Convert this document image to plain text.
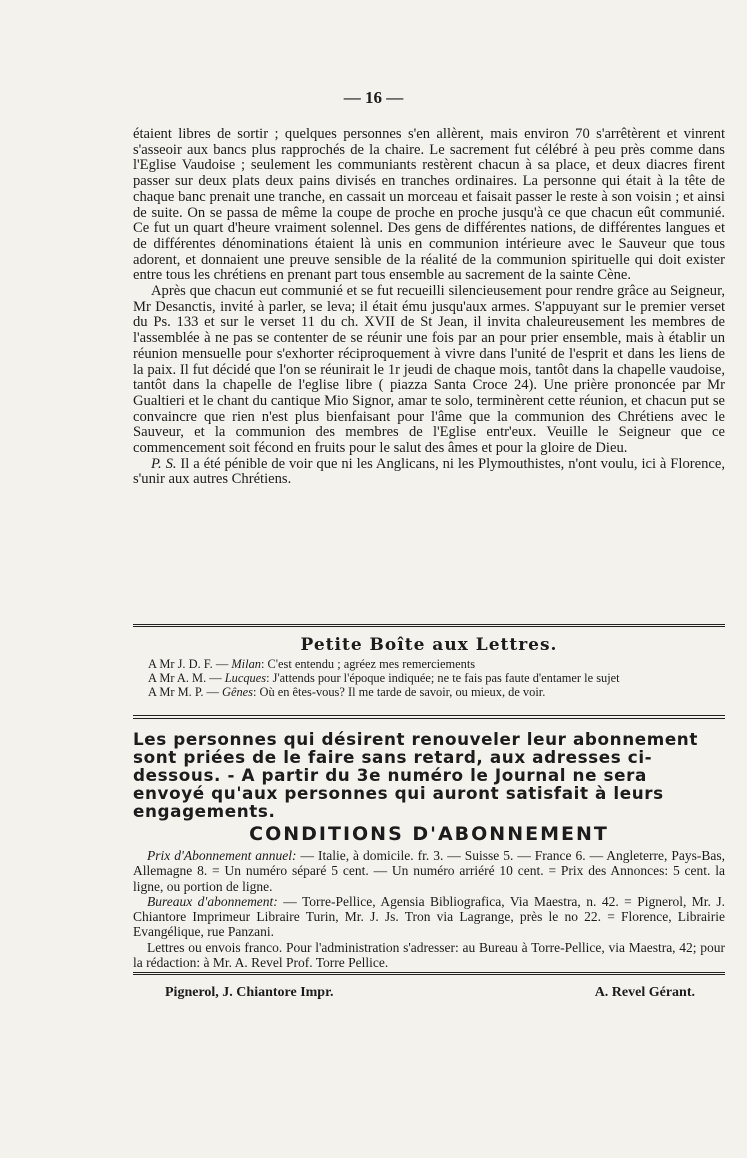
— 16 —

étaient libres de sortir ; quelques personnes s'en allèrent, mais environ 70 s'arrêtèrent et vinrent s'asseoir aux bancs plus rapprochés de la chaire. Le sacrement fut célébré à peu près comme dans l'Eglise Vaudoise ; seulement les communiants restèrent chacun à sa place, et deux diacres firent passer sur deux plats deux pains divisés en tranches ordinaires. La personne qui était à la tête de chaque banc prenait une tranche, en cassait un morceau et faisait passer le reste à son voisin ; et ainsi de suite. On se passa de même la coupe de proche en proche jusqu'à ce que chacun eût communié. Ce fut un quart d'heure vraiment solennel. Des gens de différentes nations, de différentes langues et de différentes dénominations étaient là unis en communion intérieure avec le Sauveur que tous adorent, et donnaient une preuve sensible de la réalité de la communion spirituelle qui doit exister entre tous les chrétiens en prenant part tous ensemble au sacrement de la sainte Cène.

Après que chacun eut communié et se fut recueilli silencieusement pour rendre grâce au Seigneur, Mr Desanctis, invité à parler, se leva; il était ému jusqu'aux armes. S'appuyant sur le premier verset du Ps. 133 et sur le verset 11 du ch. XVII de St Jean, il invita chaleureusement les membres de l'assemblée à ne pas se contenter de se réunir une fois par an pour prier ensemble, mais à établir un réunion mensuelle pour s'exhorter réciproquement à vivre dans l'unité de l'esprit et dans les liens de la paix. Il fut décidé que l'on se réunirait le 1r jeudi de chaque mois, tantôt dans la chapelle vaudoise, tantôt dans la chapelle de l'eglise libre ( piazza Santa Croce 24). Une prière prononcée par Mr Gualtieri et le chant du cantique Mio Signor, amar te solo, terminèrent cette réunion, et chacun put se convaincre que rien n'est plus bienfaisant pour l'âme que la communion des Chrétiens avec le Sauveur, et la communion des membres de l'Eglise entr'eux. Veuille le Seigneur que ce commencement soit fécond en fruits pour le salut des âmes et pour la gloire de Dieu.

P. S. Il a été pénible de voir que ni les Anglicans, ni les Plymouthistes, n'ont voulu, ici à Florence, s'unir aux autres Chrétiens.

Petite Boîte aux Lettres.
A Mr J. D. F. — Milan: C'est entendu ; agréez mes remerciements
A Mr A. M. — Lucques: J'attends pour l'époque indiquée; ne te fais pas faute d'entamer le sujet
A Mr M. P. — Gênes: Où en êtes-vous? Il me tarde de savoir, ou mieux, de voir.
Les personnes qui désirent renouveler leur abonnement sont priées de le faire sans retard, aux adresses ci-dessous. - A partir du 3e numéro le Journal ne sera envoyé qu'aux personnes qui auront satisfait à leurs engagements.
CONDITIONS D'ABONNEMENT

Prix d'Abonnement annuel: — Italie, à domicile. fr. 3. — Suisse 5. — France 6. — Angleterre, Pays-Bas, Allemagne 8. = Un numéro séparé 5 cent. — Un numéro arriéré 10 cent. = Prix des Annonces: 5 cent. la ligne, ou portion de ligne.

Bureaux d'abonnement: — Torre-Pellice, Agensia Bibliografica, Via Maestra, n. 42. = Pignerol, Mr. J. Chiantore Imprimeur Libraire Turin, Mr. J. Js. Tron via Lagrange, près le no 22. = Florence, Librairie Evangélique, rue Panzani.

Lettres ou envois franco. Pour l'administration s'adresser: au Bureau à Torre-Pellice, via Maestra, 42; pour la rédaction: à Mr. A. Revel Prof. Torre Pellice.

Pignerol, J. Chiantore Impr.	A. Revel Gérant.
